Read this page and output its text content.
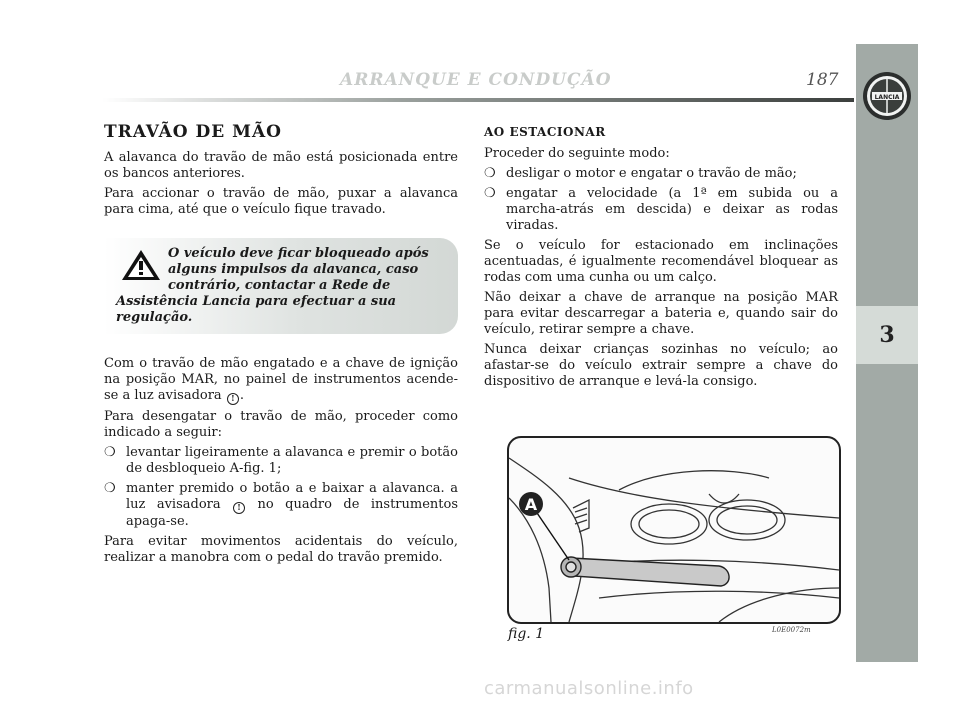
LANCIA
3
ARRANQUE E CONDUÇÃO	187
TRAVÃO DE MÃO

A alavanca do travão de mão está posicionada entre os bancos anteriores.

Para accionar o travão de mão, puxar a alavanca para cima, até que o veículo fique travado.

O veículo deve ficar bloqueado após alguns impulsos da alavanca, caso contrário, contactar a Rede de Assistência Lancia para efectuar a sua regulação.

Com o travão de mão engatado e a chave de ignição na posição MAR, no painel de instrumentos acende-se a luz avisadora ! .

Para desengatar o travão de mão, proceder como indicado a seguir:

❍ levantar ligeiramente a alavanca e premir o botão de desbloqueio A-fig. 1;
❍ manter premido o botão a e baixar a alavanca. a luz avisadora ! no quadro de instrumentos apaga-se.

Para evitar movimentos acidentais do veículo, realizar a manobra com o pedal do travão premido.

AO ESTACIONAR

Proceder do seguinte modo:

❍ desligar o motor e engatar o travão de mão;
❍ engatar a velocidade (a 1ª em subida ou a marcha-atrás em descida) e deixar as rodas viradas.

Se o veículo for estacionado em inclinações acentuadas, é igualmente recomendável bloquear as rodas com uma cunha ou um calço.

Não deixar a chave de arranque na posição MAR para evitar descarregar a bateria e, quando sair do veículo, retirar sempre a chave.

Nunca deixar crianças sozinhas no veículo; ao afastar-se do veículo extrair sempre a chave do dispositivo de arranque e levá-la consigo.

A
fig. 1	L0E0072m
carmanualsonline.info
